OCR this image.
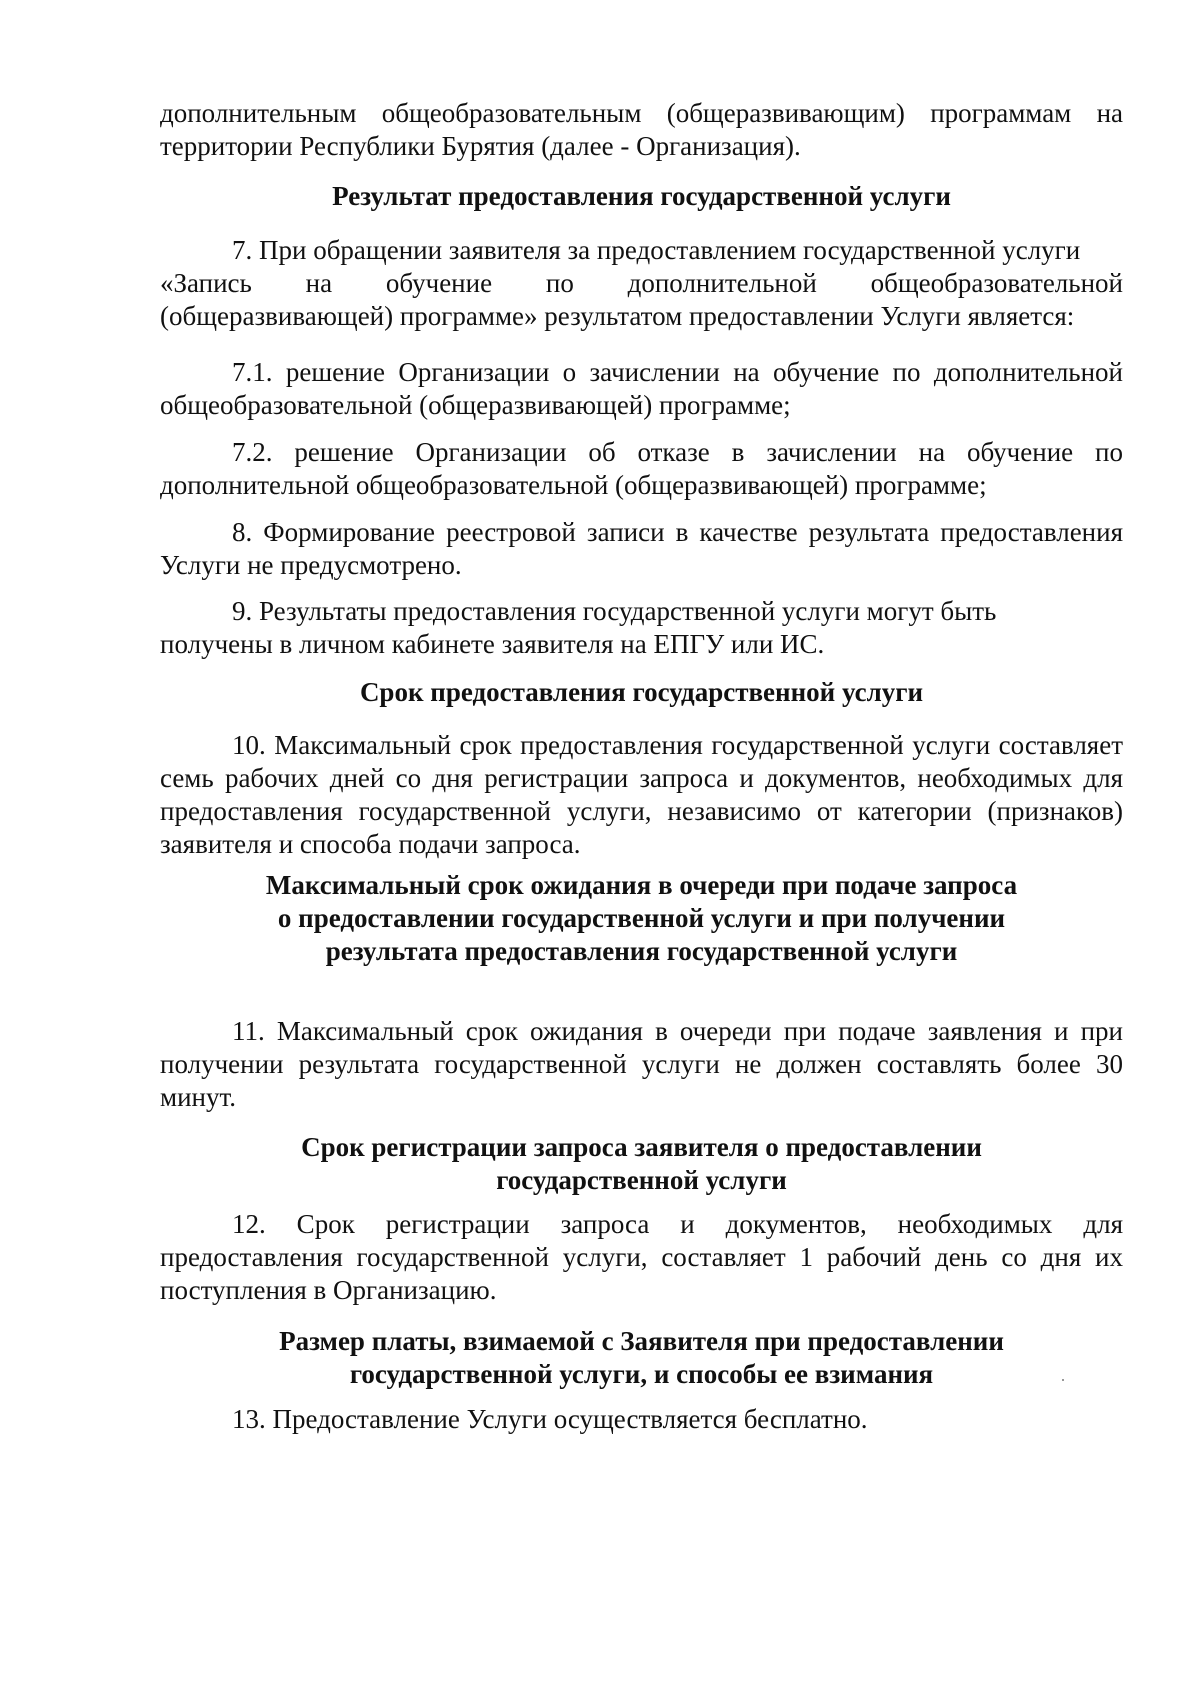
дополнительным общеобразовательным (общеразвивающим) программам на территории Республики Бурятия (далее - Организация).

Результат предоставления государственной услуги

7. При обращении заявителя за предоставлением государственной услуги
«Запись на обучение по дополнительной общеобразовательной
(общеразвивающей) программе» результатом предоставлении Услуги является:

7.1. решение Организации о зачислении на обучение по дополнительной общеобразовательной (общеразвивающей) программе;

7.2. решение Организации об отказе в зачислении на обучение по дополнительной общеобразовательной (общеразвивающей) программе;

8. Формирование реестровой записи в качестве результата предоставления Услуги не предусмотрено.

9. Результаты предоставления государственной услуги могут быть
получены в личном кабинете заявителя на ЕПГУ или ИС.

Срок предоставления государственной услуги

10. Максимальный срок предоставления государственной услуги составляет семь рабочих дней со дня регистрации запроса и документов, необходимых для предоставления государственной услуги, независимо от категории (признаков) заявителя и способа подачи запроса.

Максимальный срок ожидания в очереди при подаче запроса
о предоставлении государственной услуги и при получении
результата предоставления государственной услуги

11. Максимальный срок ожидания в очереди при подаче заявления и при получении результата государственной услуги не должен составлять более 30 минут.

Срок регистрации запроса заявителя о предоставлении
государственной услуги

12. Срок регистрации запроса и документов, необходимых для предоставления государственной услуги, составляет 1 рабочий день со дня их поступления в Организацию.

Размер платы, взимаемой с Заявителя при предоставлении
государственной услуги, и способы ее взимания

13. Предоставление Услуги осуществляется бесплатно.
